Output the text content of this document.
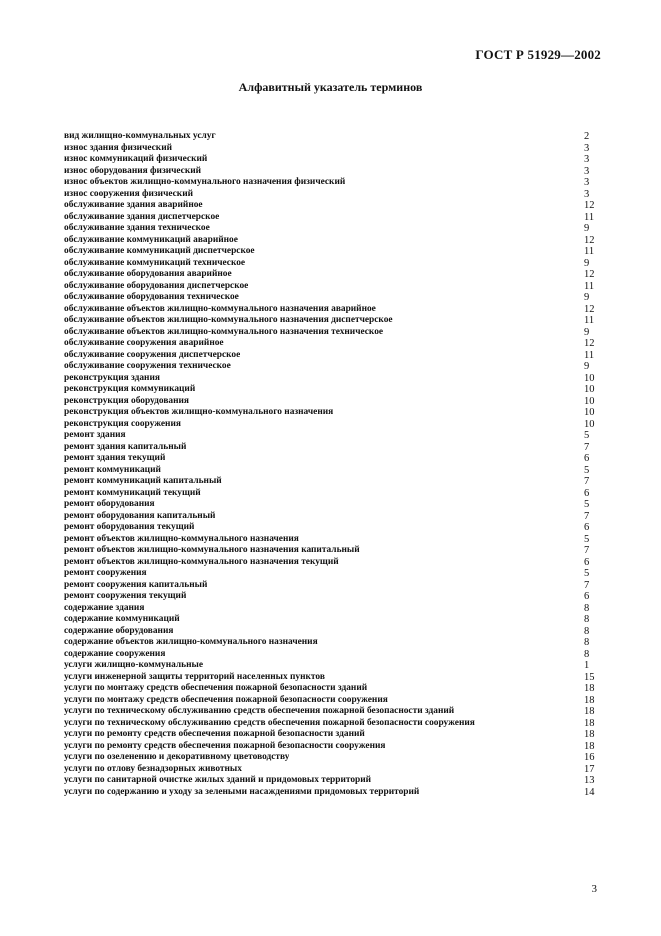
ГОСТ Р 51929—2002
Алфавитный указатель терминов
вид жилищно-коммунальных услуг	2
износ здания физический	3
износ коммуникаций физический	3
износ оборудования физический	3
износ объектов жилищно-коммунального назначения физический	3
износ сооружения физический	3
обслуживание здания аварийное	12
обслуживание здания диспетчерское	11
обслуживание здания техническое	9
обслуживание коммуникаций аварийное	12
обслуживание коммуникаций диспетчерское	11
обслуживание коммуникаций техническое	9
обслуживание оборудования аварийное	12
обслуживание оборудования диспетчерское	11
обслуживание оборудования техническое	9
обслуживание объектов жилищно-коммунального назначения аварийное	12
обслуживание объектов жилищно-коммунального назначения диспетчерское	11
обслуживание объектов жилищно-коммунального назначения техническое	9
обслуживание сооружения аварийное	12
обслуживание сооружения диспетчерское	11
обслуживание сооружения техническое	9
реконструкция здания	10
реконструкция коммуникаций	10
реконструкция оборудования	10
реконструкция объектов жилищно-коммунального назначения	10
реконструкция сооружения	10
ремонт здания	5
ремонт здания капитальный	7
ремонт здания текущий	6
ремонт коммуникаций	5
ремонт коммуникаций капитальный	7
ремонт коммуникаций текущий	6
ремонт оборудования	5
ремонт оборудования капитальный	7
ремонт оборудования текущий	6
ремонт объектов жилищно-коммунального назначения	5
ремонт объектов жилищно-коммунального назначения капитальный	7
ремонт объектов жилищно-коммунального назначения текущий	6
ремонт сооружения	5
ремонт сооружения капитальный	7
ремонт сооружения текущий	6
содержание здания	8
содержание коммуникаций	8
содержание оборудования	8
содержание объектов жилищно-коммунального назначения	8
содержание сооружения	8
услуги жилищно-коммунальные	1
услуги инженерной защиты территорий населенных пунктов	15
услуги по монтажу средств обеспечения пожарной безопасности зданий	18
услуги по монтажу средств обеспечения пожарной безопасности сооружения	18
услуги по техническому обслуживанию средств обеспечения пожарной безопасности зданий	18
услуги по техническому обслуживанию средств обеспечения пожарной безопасности сооружения	18
услуги по ремонту средств обеспечения пожарной безопасности зданий	18
услуги по ремонту средств обеспечения пожарной безопасности сооружения	18
услуги по озеленению и декоративному цветоводству	16
услуги по отлову безнадзорных животных	17
услуги по санитарной очистке жилых зданий и придомовых территорий	13
услуги по содержанию и уходу за зелеными насаждениями придомовых территорий	14
3
